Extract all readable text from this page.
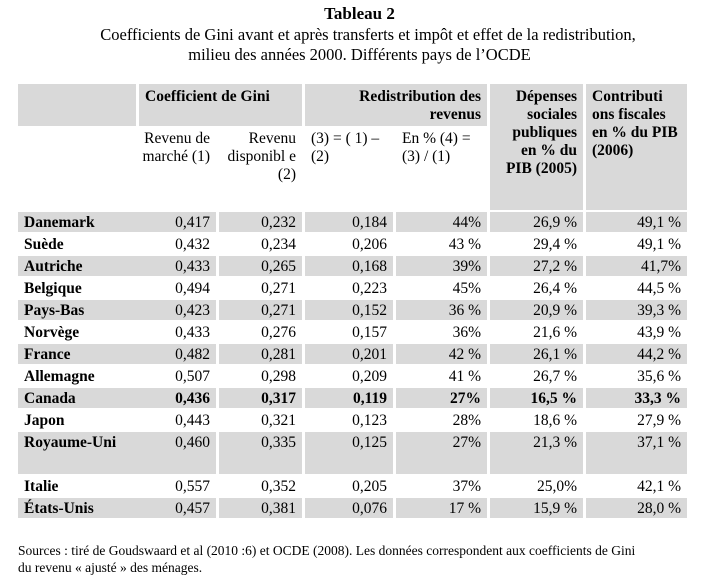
Tableau 2
Coefficients de Gini avant et après transferts et impôt et effet de la redistribution,
milieu des années 2000. Différents pays de l’OCDE
	Coefficient de Gini		Redistribution des revenus		Dépenses sociales publiques en % du PIB (2005)	Contributi ons fiscales en % du PIB (2006)
	Revenu de marché (1)	Revenu disponibl e (2)	(3) = ( 1) – (2)	En % (4) = (3) / (1)		
Danemark	0,417	0,232	0,184	44%	26,9 %	49,1 %
Suède	0,432	0,234	0,206	43 %	29,4 %	49,1 %
Autriche	0,433	0,265	0,168	39%	27,2 %	41,7%
Belgique	0,494	0,271	0,223	45%	26,4 %	44,5 %
Pays-Bas	0,423	0,271	0,152	36 %	20,9 %	39,3 %
Norvège	0,433	0,276	0,157	36%	21,6 %	43,9 %
France	0,482	0,281	0,201	42 %	26,1 %	44,2 %
Allemagne	0,507	0,298	0,209	41 %	26,7 %	35,6 %
Canada	0,436	0,317	0,119	27%	16,5 %	33,3 %
Japon	0,443	0,321	0,123	28%	18,6 %	27,9 %
Royaume-Uni	0,460	0,335	0,125	27%	21,3 %	37,1 %
Italie	0,557	0,352	0,205	37%	25,0%	42,1 %
États-Unis	0,457	0,381	0,076	17 %	15,9 %	28,0 %
Sources : tiré de Goudswaard et al (2010 :6) et OCDE (2008). Les données correspondent aux coefficients de Gini
du revenu « ajusté » des ménages.
